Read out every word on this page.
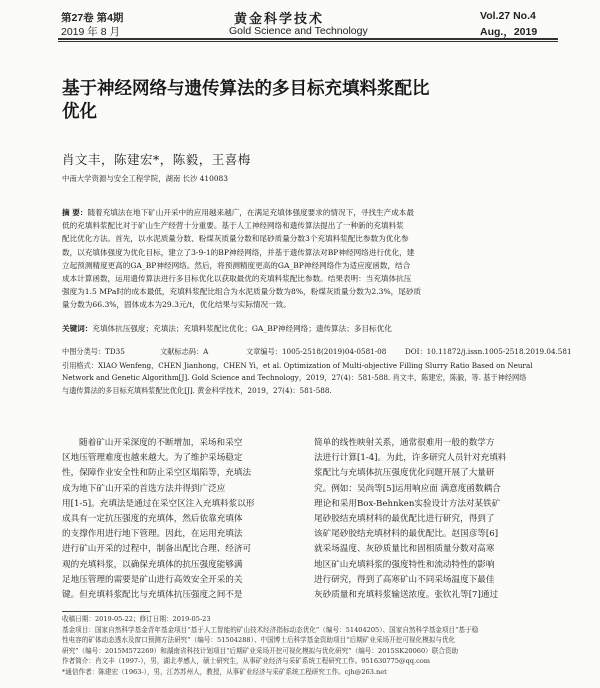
第27卷 第4期
2019 年 8 月
黄金科学技术
Gold Science and Technology
Vol.27 No.4
Aug.，2019
基于神经网络与遗传算法的多目标充填料浆配比
优化
肖文丰，陈建宏*，陈毅，王喜梅
中南大学资源与安全工程学院，湖南 长沙 410083
摘 要：随着充填法在地下矿山开采中的应用越来越广，在满足充填体强度要求的情况下，寻找生产成本最
低的充填料浆配比对于矿山生产经营十分重要。基于人工神经网络和遗传算法提出了一种新的充填料浆
配比优化方法。首先，以水泥质量分数、粉煤灰质量分数和尾砂质量分数3个充填料浆配比参数为优化参
数，以充填体强度为优化目标，建立了3-9-1的BP神经网络，并基于遗传算法对BP神经网络进行优化，建
立起预测精度更高的GA_BP神经网络。然后，将预测精度更高的GA_BP神经网络作为适应度函数，结合
成本计算函数，运用遗传算法进行多目标优化以获取最优的充填料浆配比参数。结果表明：当充填体抗压
强度为1.5 MPa时的成本最低，充填料浆配比组合为水泥质量分数为8%，粉煤灰质量分数为2.3%，尾砂质
量分数为66.3%，固体成本为29.3元/t，优化结果与实际情况一致。
关键词：充填体抗压强度；充填法；充填料浆配比优化；GA_BP神经网络；遗传算法；多目标优化
中图分类号：TD35	文献标志码：A	文章编号：1005-2518(2019)04-0581-08	DOI：10.11872/j.issn.1005-2518.2019.04.581
引用格式：XIAO Wenfeng，CHEN Jianhong，CHEN Yi，et al. Optimization of Multi-objective Filling Slurry Ratio Based on Neural
Network and Genetic Algorithm[J]. Gold Science and Technology，2019，27(4)：581-588. 肖文丰，陈建宏，陈毅，等. 基于神经网络
与遗传算法的多目标充填料浆配比优化[J]. 黄金科学技术，2019，27(4)：581-588.
随着矿山开采深度的不断增加，采场和采空
区地压管理难度也越来越大。为了维护采场稳定
性，保障作业安全性和防止采空区塌陷等，充填法
成为地下矿山开采的首选方法并得到广泛应
用[1-5]。充填法是通过在采空区注入充填料浆以形
成具有一定抗压强度的充填体，然后依靠充填体
的支撑作用进行地下管理。因此，在运用充填法
进行矿山开采的过程中，制备出配比合理、经济可
观的充填料浆，以确保充填体的抗压强度能够满
足地压管理的需要是矿山进行高效安全开采的关
键。但充填料浆配比与充填体抗压强度之间不是
简单的线性映射关系，通常很难用一般的数学方
法进行计算[1-4]。为此，许多研究人员针对充填料
浆配比与充填体抗压强度优化问题开展了大量研
究。例如：吴尚等[5]运用响应面 满意度函数耦合
理论和采用Box-Behnken实验设计方法对某铁矿
尾砂胶结充填材料的最优配比进行研究，得到了
该矿尾砂胶结充填材料的最优配比。赵国彦等[6]
就采场温度、灰砂质量比和固相质量分数对高寒
地区矿山充填料浆的强度特性和流动特性的影响
进行研究，得到了高寒矿山不同采场温度下最佳
灰砂质量和充填料浆输送浓度。张钦礼等[7]通过
收稿日期：2019-05-22；修订日期：2019-05-23
基金项目：国家自然科学基金青年基金项目“基于人工智能的矿山技术经济指标动态优化”（编号：51404205）、国家自然科学基金项目“基于稳
性电容的矿体动态透水及窗口预测方法研究”（编号：51504288）、中国博士后科学基金资助项目“后期矿业采场开挖可视化模拟与优化
研究”（编号：2015M572269）和湖南省科技计划项目“后期矿业采场开挖可视化模拟与优化研究”（编号：2015SK20060）联合资助
作者简介：肖文丰（1997-），男，湖北孝感人，硕士研究生，从事矿业经济与采矿系统工程研究工作。951630775@qq.com
*通信作者：陈建宏（1963-），男，江苏苏州人，教授，从事矿业经济与采矿系统工程研究工作。cjh@263.net
